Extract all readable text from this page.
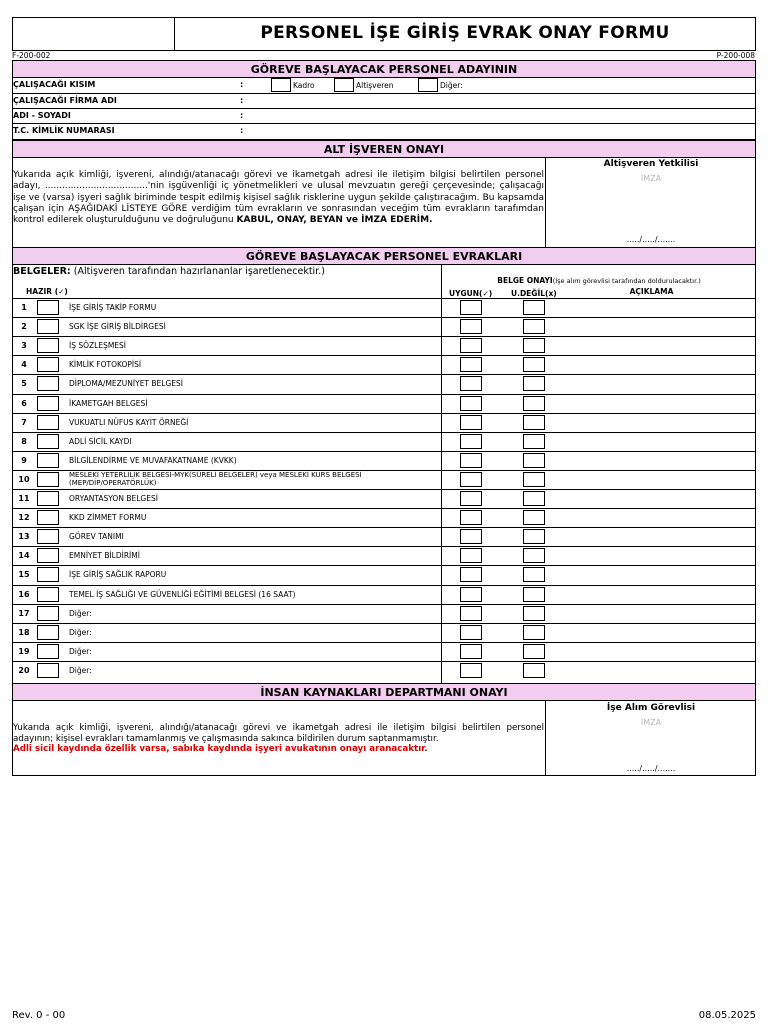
PERSONEL İŞE GİRİŞ EVRAK ONAY FORMU
F-200-002	P-200-008
GÖREVE BAŞLAYACAK PERSONEL ADAYININ
ÇALIŞACAĞI KISIM	:	Kadro	Altişveren	Diğer:
ÇALIŞACAĞI FİRMA ADI	:
ADI - SOYADI	:
T.C. KİMLİK NUMARASI	:
ALT İŞVEREN ONAYI
Yukarıda açık kimliği, işvereni, alındığı/atanacağı görevi ve ikametgah adresi ile iletişim bilgisi belirtilen personel adayı, ....................................'nin işgüvenliği iç yönetmelikleri ve ulusal mevzuatın gereği çerçevesinde; çalışacağı işe ve (varsa) işyeri sağlık biriminde tespit edilmiş kişisel sağlık risklerine uygun şekilde çalıştıracağım. Bu kapsamda çalışan için AŞAĞIDAKİ LİSTEYE GÖRE verdiğim tüm evrakların ve sonrasından veceğim tüm evrakların tarafımdan kontrol edilerek oluşturulduğunu ve doğruluğunu KABUL, ONAY, BEYAN ve İMZA EDERİM.
Altişveren Yetkilisi
İMZA
...../...../.......
GÖREVE BAŞLAYACAK PERSONEL EVRAKLARI
BELGELER: (Altişveren tarafından hazırlananlar işaretlenecektir.)
BELGE ONAYI(İşe alım görevlisi tarafından doldurulacaktır.)
HAZIR (✓)	UYGUN(✓)	U.DEĞİL(x)	AÇIKLAMA
1	İŞE GİRİŞ TAKİP FORMU
2	SGK İŞE GİRİŞ BİLDİRGESİ
3	İŞ SÖZLEŞMESİ
4	KİMLİK FOTOKOPİSİ
5	DİPLOMA/MEZUNİYET BELGESİ
6	İKAMETGAH BELGESİ
7	VUKUATLI NÜFUS KAYIT ÖRNEĞİ
8	ADLİ SİCİL KAYDI
9	BİLGİLENDİRME VE MUVAFAKATNAME (KVKK)
10	MESLEKİ YETERLİLİK BELGESİ-MYK(SÜRELİ BELGELER) veya MESLEKİ KURS BELGESİ
(MEP/DİP/OPERATÖRLÜK)
11	ORYANTASYON BELGESİ
12	KKD ZİMMET FORMU
13	GÖREV TANIMI
14	EMNİYET BİLDİRİMİ
15	İŞE GİRİŞ SAĞLIK RAPORU
16	TEMEL İŞ SAĞLIĞI VE GÜVENLİĞİ EĞİTİMİ BELGESİ (16 SAAT)
17	Diğer:
18	Diğer:
19	Diğer:
20	Diğer:
İNSAN KAYNAKLARI DEPARTMANI ONAYI
Yukarıda açık kimliği, işvereni, alındığı/atanacağı görevi ve ikametgah adresi ile iletişim bilgisi belirtilen personel adayının; kişisel evrakları tamamlanmış ve çalışmasında sakınca bildirilen durum saptanmamıştır.
Adli sicil kaydında özellik varsa, sabıka kaydında işyeri avukatının onayı aranacaktır.
İşe Alım Görevlisi
İMZA
...../...../.......
Rev. 0 - 00	08.05.2025
